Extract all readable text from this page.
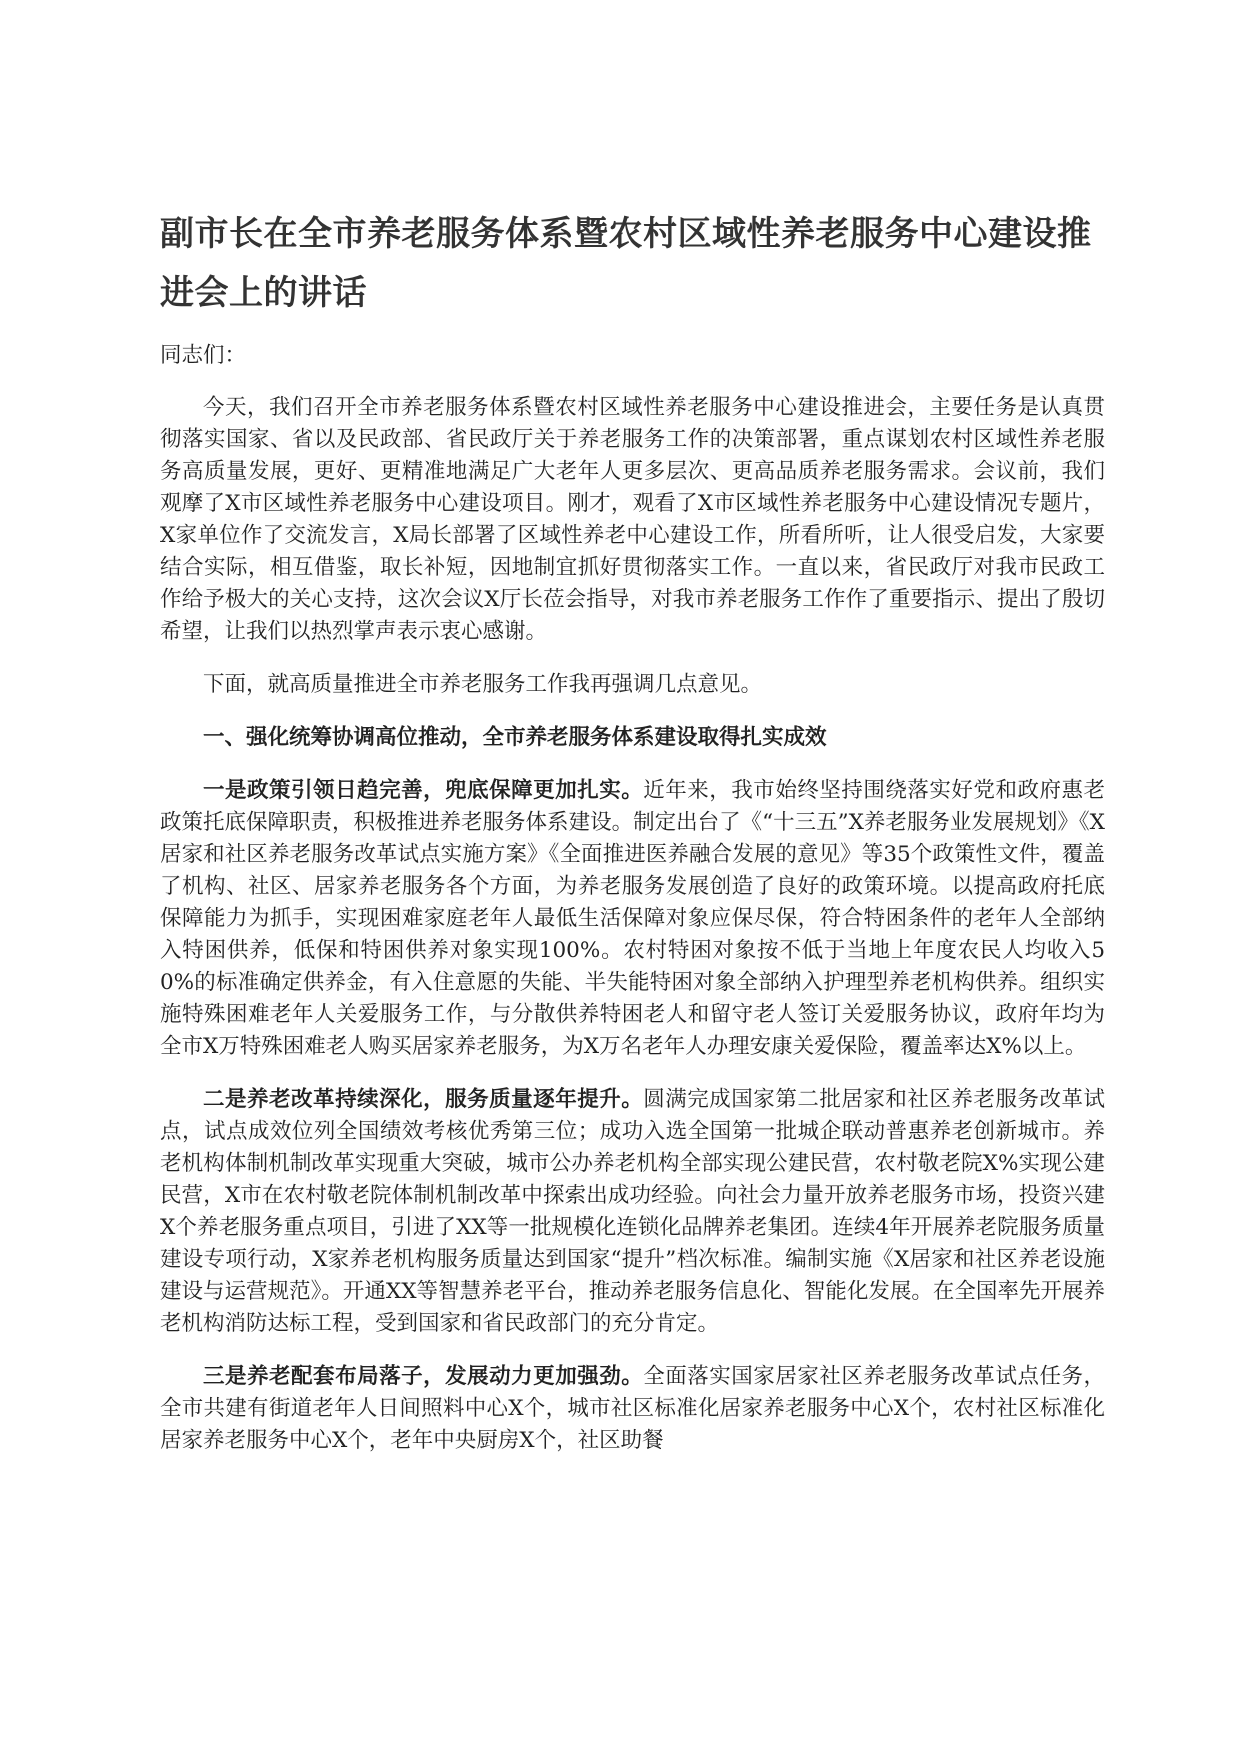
副市长在全市养老服务体系暨农村区域性养老服务中心建设推进会上的讲话

同志们：

今天，我们召开全市养老服务体系暨农村区域性养老服务中心建设推进会，主要任务是认真贯彻落实国家、省以及民政部、省民政厅关于养老服务工作的决策部署，重点谋划农村区域性养老服务高质量发展，更好、更精准地满足广大老年人更多层次、更高品质养老服务需求。会议前，我们观摩了X市区域性养老服务中心建设项目。刚才，观看了X市区域性养老服务中心建设情况专题片，X家单位作了交流发言，X局长部署了区域性养老中心建设工作，所看所听，让人很受启发，大家要结合实际，相互借鉴，取长补短，因地制宜抓好贯彻落实工作。一直以来，省民政厅对我市民政工作给予极大的关心支持，这次会议X厅长莅会指导，对我市养老服务工作作了重要指示、提出了殷切希望，让我们以热烈掌声表示衷心感谢。

下面，就高质量推进全市养老服务工作我再强调几点意见。

一、强化统筹协调高位推动，全市养老服务体系建设取得扎实成效

一是政策引领日趋完善，兜底保障更加扎实。近年来，我市始终坚持围绕落实好党和政府惠老政策托底保障职责，积极推进养老服务体系建设。制定出台了《“十三五”X养老服务业发展规划》《X居家和社区养老服务改革试点实施方案》《全面推进医养融合发展的意见》等35个政策性文件，覆盖了机构、社区、居家养老服务各个方面，为养老服务发展创造了良好的政策环境。以提高政府托底保障能力为抓手，实现困难家庭老年人最低生活保障对象应保尽保，符合特困条件的老年人全部纳入特困供养，低保和特困供养对象实现100%。农村特困对象按不低于当地上年度农民人均收入50%的标准确定供养金，有入住意愿的失能、半失能特困对象全部纳入护理型养老机构供养。组织实施特殊困难老年人关爱服务工作，与分散供养特困老人和留守老人签订关爱服务协议，政府年均为全市X万特殊困难老人购买居家养老服务，为X万名老年人办理安康关爱保险，覆盖率达X%以上。

二是养老改革持续深化，服务质量逐年提升。圆满完成国家第二批居家和社区养老服务改革试点，试点成效位列全国绩效考核优秀第三位；成功入选全国第一批城企联动普惠养老创新城市。养老机构体制机制改革实现重大突破，城市公办养老机构全部实现公建民营，农村敬老院X%实现公建民营，X市在农村敬老院体制机制改革中探索出成功经验。向社会力量开放养老服务市场，投资兴建X个养老服务重点项目，引进了XX等一批规模化连锁化品牌养老集团。连续4年开展养老院服务质量建设专项行动，X家养老机构服务质量达到国家“提升”档次标准。编制实施《X居家和社区养老设施建设与运营规范》。开通XX等智慧养老平台，推动养老服务信息化、智能化发展。在全国率先开展养老机构消防达标工程，受到国家和省民政部门的充分肯定。

三是养老配套布局落子，发展动力更加强劲。全面落实国家居家社区养老服务改革试点任务，全市共建有街道老年人日间照料中心X个，城市社区标准化居家养老服务中心X个，农村社区标准化居家养老服务中心X个，老年中央厨房X个，社区助餐
